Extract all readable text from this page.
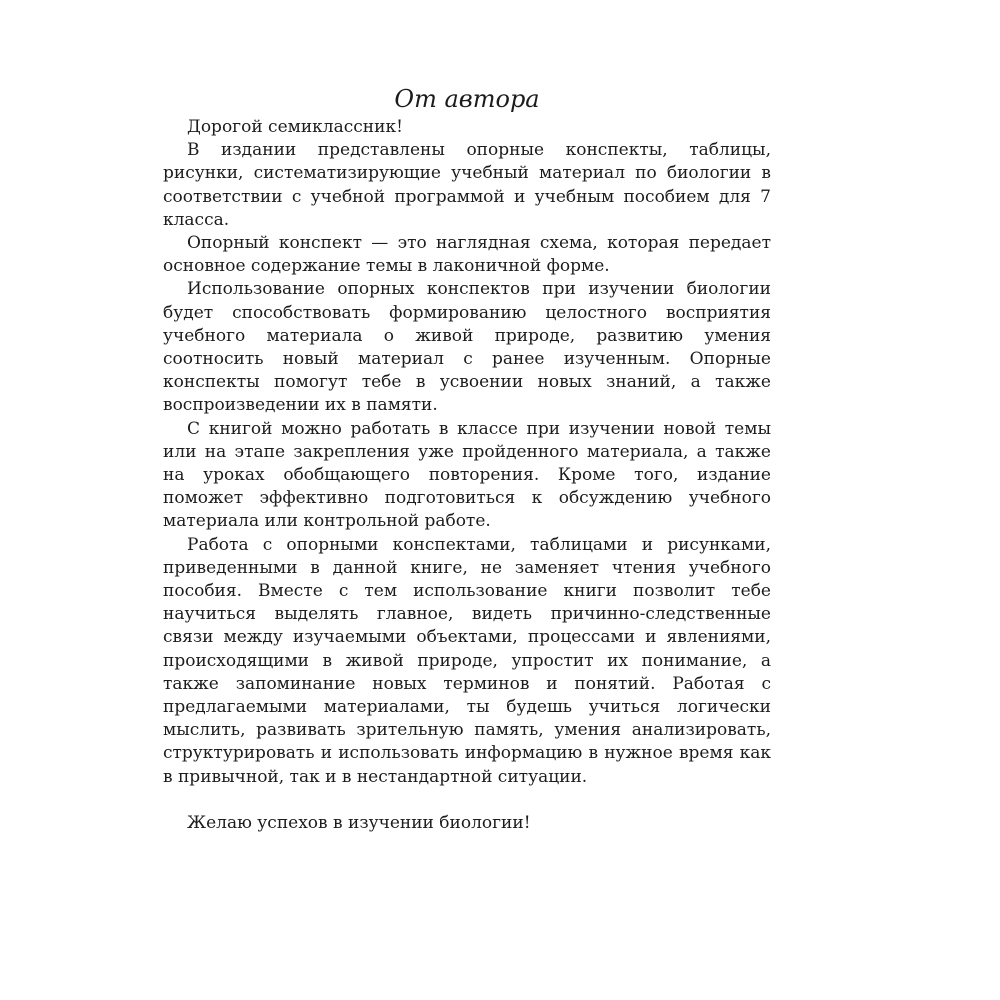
От автора

Дорогой семиклассник!

В издании представлены опорные конспекты, таблицы, рисунки, систематизирующие учебный материал по биологии в соответствии с учебной программой и учебным пособием для 7 класса.

Опорный конспект — это наглядная схема, которая передает основное содержание темы в лаконичной форме.

Использование опорных конспектов при изучении биологии будет способствовать формированию целостного восприятия учебного материала о живой природе, развитию умения соотносить новый материал с ранее изученным. Опорные конспекты помогут тебе в усвоении новых знаний, а также воспроизведении их в памяти.

С книгой можно работать в классе при изучении новой темы или на этапе закрепления уже пройденного материала, а также на уроках обобщающего повторения. Кроме того, издание поможет эффективно подготовиться к обсуждению учебного материала или контрольной работе.

Работа с опорными конспектами, таблицами и рисунками, приведенными в данной книге, не заменяет чтения учебного пособия. Вместе с тем использование книги позволит тебе научиться выделять главное, видеть причинно-следственные связи между изучаемыми объектами, процессами и явлениями, происходящими в живой природе, упростит их понимание, а также запоминание новых терминов и понятий. Работая с предлагаемыми материалами, ты будешь учиться логически мыслить, развивать зрительную память, умения анализировать, структурировать и использовать информацию в нужное время как в привычной, так и в нестандартной ситуации.

Желаю успехов в изучении биологии!
